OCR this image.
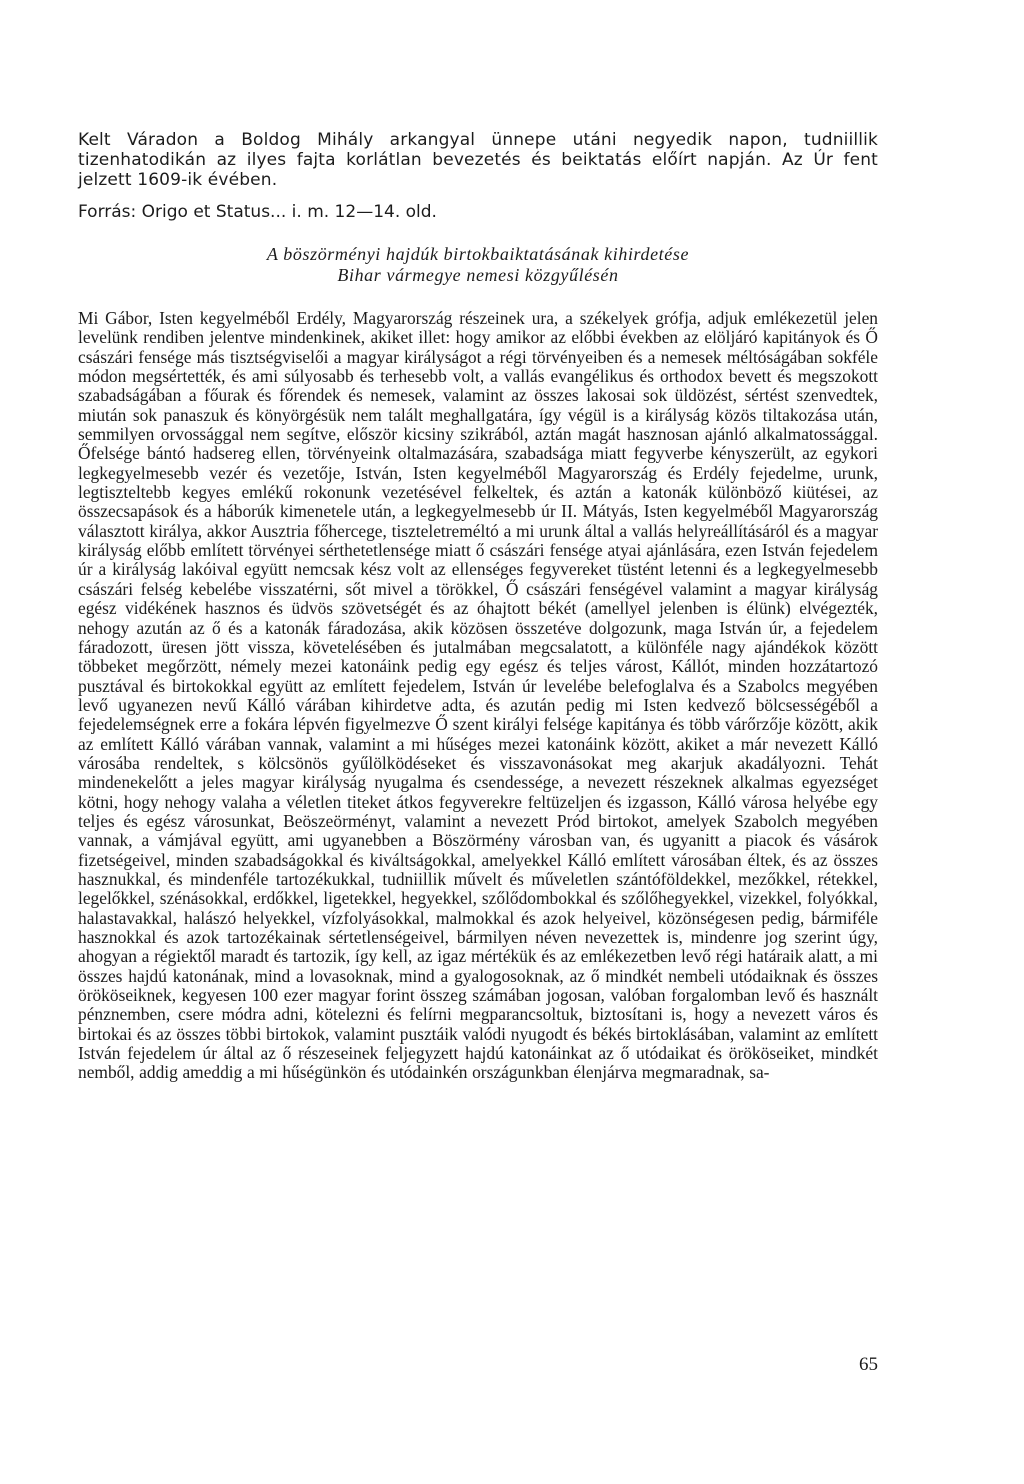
Kelt Váradon a Boldog Mihály arkangyal ünnepe utáni negyedik napon, tudniillik tizenhatodikán az ilyes fajta korlátlan bevezetés és beiktatás előírt napján. Az Úr fent jelzett 1609-ik évében.

Forrás: Origo et Status... i. m. 12—14. old.

A böszörményi hajdúk birtokbaiktatásának kihirdetése

Bihar vármegye nemesi közgyűlésén

Mi Gábor, Isten kegyelméből Erdély, Magyarország részeinek ura, a székelyek grófja, adjuk emlékezetül jelen levelünk rendiben jelentve mindenkinek, akiket illet: hogy amikor az előbbi években az elöljáró kapitányok és Ő császári fensége más tisztségviselői a magyar királyságot a régi törvényeiben és a nemesek méltóságában sokféle módon megsértették, és ami súlyosabb és terhesebb volt, a vallás evangélikus és orthodox bevett és megszokott szabadságában a főurak és főrendek és nemesek, valamint az összes lakosai sok üldözést, sértést szenvedtek, miután sok panaszuk és könyörgésük nem talált meghallgatára, így végül is a királyság közös tiltakozása után, semmilyen orvossággal nem segítve, először kicsiny szikrából, aztán magát hasznosan ajánló alkalmatossággal. Őfelsége bántó hadsereg ellen, törvényeink oltalmazására, szabadsága miatt fegyverbe kényszerült, az egykori legkegyelmesebb vezér és vezetője, István, Isten kegyelméből Magyarország és Erdély fejedelme, urunk, legtiszteltebb kegyes emlékű rokonunk vezetésével felkeltek, és aztán a katonák különböző kiütései, az összecsapások és a háborúk kimenetele után, a legkegyelmesebb úr II. Mátyás, Isten kegyelméből Magyarország választott királya, akkor Ausztria főhercege, tiszteletreméltó a mi urunk által a vallás helyreállításáról és a magyar királyság előbb említett törvényei sérthetetlensége miatt ő császári fensége atyai ajánlására, ezen István fejedelem úr a királyság lakóival együtt nemcsak kész volt az ellenséges fegyvereket tüstént letenni és a legkegyelmesebb császári felség kebelébe visszatérni, sőt mivel a törökkel, Ő császári fenségével valamint a magyar királyság egész vidékének hasznos és üdvös szövetségét és az óhajtott békét (amellyel jelenben is élünk) elvégezték, nehogy azután az ő és a katonák fáradozása, akik közösen összetéve dolgozunk, maga István úr, a fejedelem fáradozott, üresen jött vissza, követelésében és jutalmában megcsalatott, a különféle nagy ajándékok között többeket megőrzött, némely mezei katonáink pedig egy egész és teljes várost, Kállót, minden hozzátartozó pusztával és birtokokkal együtt az említett fejedelem, István úr levelébe belefoglalva és a Szabolcs megyében levő ugyanezen nevű Kálló várában kihirdetve adta, és azután pedig mi Isten kedvező bölcsességéből a fejedelemségnek erre a fokára lépvén figyelmezve Ő szent királyi felsége kapitánya és több várőrzője között, akik az említett Kálló várában vannak, valamint a mi hűséges mezei katonáink között, akiket a már nevezett Kálló városába rendeltek, s kölcsönös gyűlölködéseket és visszavonásokat meg akarjuk akadályozni. Tehát mindenekelőtt a jeles magyar királyság nyugalma és csendessége, a nevezett részeknek alkalmas egyezséget kötni, hogy nehogy valaha a véletlen titeket átkos fegyverekre feltüzeljen és izgasson, Kálló városa helyébe egy teljes és egész városunkat, Beöszeörményt, valamint a nevezett Pród birtokot, amelyek Szabolch megyében vannak, a vámjával együtt, ami ugyanebben a Böszörmény városban van, és ugyanitt a piacok és vásárok fizetségeivel, minden szabadságokkal és kiváltságokkal, amelyekkel Kálló említett városában éltek, és az összes hasznukkal, és mindenféle tartozékukkal, tudniillik művelt és műveletlen szántóföldekkel, mezőkkel, rétekkel, legelőkkel, szénásokkal, erdőkkel, ligetekkel, hegyekkel, szőlődombokkal és szőlőhegyekkel, vizekkel, folyókkal, halastavakkal, halászó helyekkel, vízfolyásokkal, malmokkal és azok helyeivel, közönségesen pedig, bármiféle hasznokkal és azok tartozékainak sértetlenségeivel, bármilyen néven nevezettek is, mindenre jog szerint úgy, ahogyan a régiektől maradt és tartozik, így kell, az igaz mértékük és az emlékezetben levő régi határaik alatt, a mi összes hajdú katonának, mind a lovasoknak, mind a gyalogosoknak, az ő mindkét nembeli utódaiknak és összes örököseiknek, kegyesen 100 ezer magyar forint összeg számában jogosan, valóban forgalomban levő és használt pénznemben, csere módra adni, kötelezni és felírni megparancsoltuk, biztosítani is, hogy a nevezett város és birtokai és az összes többi birtokok, valamint pusztáik valódi nyugodt és békés birtoklásában, valamint az említett István fejedelem úr által az ő részeseinek feljegyzett hajdú katonáinkat az ő utódaikat és örököseiket, mindkét nemből, addig ameddig a mi hűségünkön és utódainkén országunkban élenjárva megmaradnak, sa-

65
